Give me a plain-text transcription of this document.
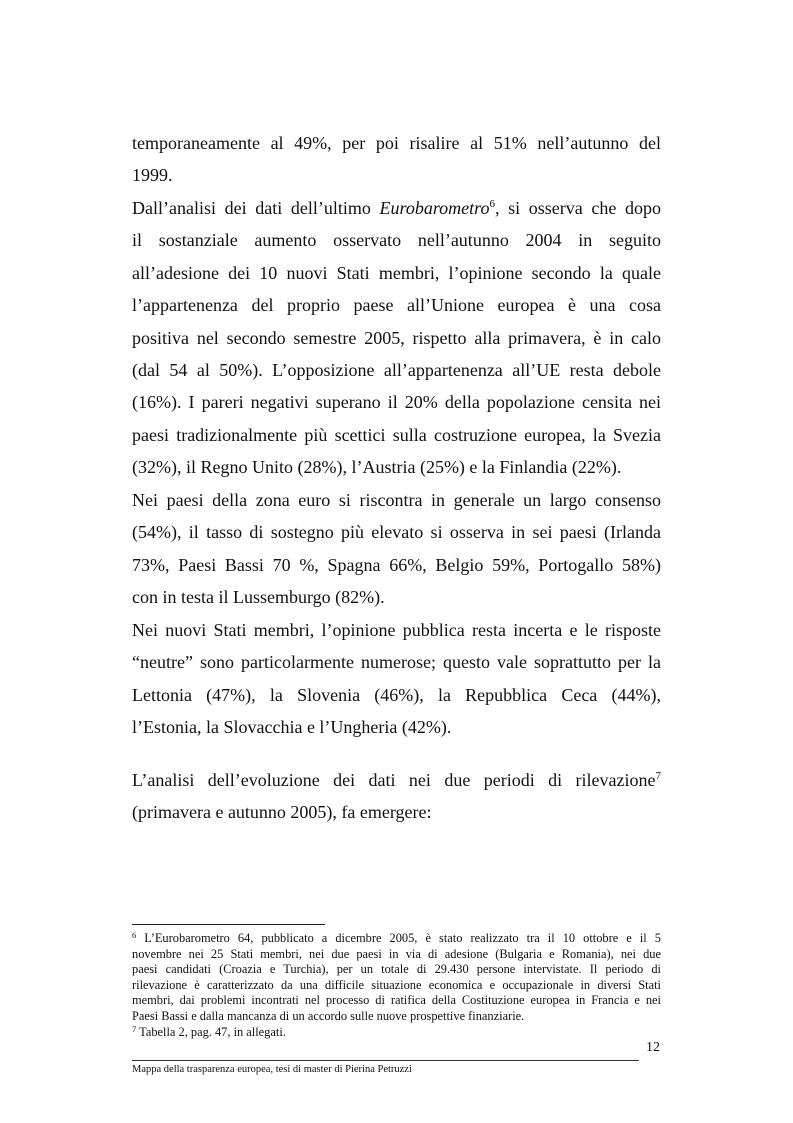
temporaneamente al 49%, per poi risalire al 51% nell’autunno del
1999.
Dall’analisi dei dati dell’ultimo Eurobarometro$^6$, si osserva che dopo
il sostanziale aumento osservato nell’autunno 2004 in seguito
all’adesione dei 10 nuovi Stati membri, l’opinione secondo la quale
l’appartenenza del proprio paese all’Unione europea è una cosa
positiva nel secondo semestre 2005, rispetto alla primavera, è in calo
(dal 54 al 50%). L’opposizione all’appartenenza all’UE resta debole
(16%). I pareri negativi superano il 20% della popolazione censita nei
paesi tradizionalmente più scettici sulla costruzione europea, la Svezia
(32%), il Regno Unito (28%), l’Austria (25%) e la Finlandia (22%).
Nei paesi della zona euro si riscontra in generale un largo consenso
(54%), il tasso di sostegno più elevato si osserva in sei paesi (Irlanda
73%, Paesi Bassi 70 %, Spagna 66%, Belgio 59%, Portogallo 58%)
con in testa il Lussemburgo (82%).
Nei nuovi Stati membri, l’opinione pubblica resta incerta e le risposte
“neutre” sono particolarmente numerose; questo vale soprattutto per la
Lettonia (47%), la Slovenia (46%), la Repubblica Ceca (44%),
l’Estonia, la Slovacchia e l’Ungheria (42%).
L’analisi dell’evoluzione dei dati nei due periodi di rilevazione$^7$
(primavera e autunno 2005), fa emergere:
$^6$ L’Eurobarometro 64, pubblicato a dicembre 2005, è stato realizzato tra il 10 ottobre e il 5
novembre nei 25 Stati membri, nei due paesi in via di adesione (Bulgaria e Romania), nei due
paesi candidati (Croazia e Turchia), per un totale di 29.430 persone intervistate. Il periodo di
rilevazione è caratterizzato da una difficile situazione economica e occupazionale in diversi Stati
membri, dai problemi incontrati nel processo di ratifica della Costituzione europea in Francia e nei
Paesi Bassi e dalla mancanza di un accordo sulle nuove prospettive finanziarie.
$^7$ Tabella 2, pag. 47, in allegati.
12
Mappa della trasparenza europea, tesi di master di Pierina Petruzzi
